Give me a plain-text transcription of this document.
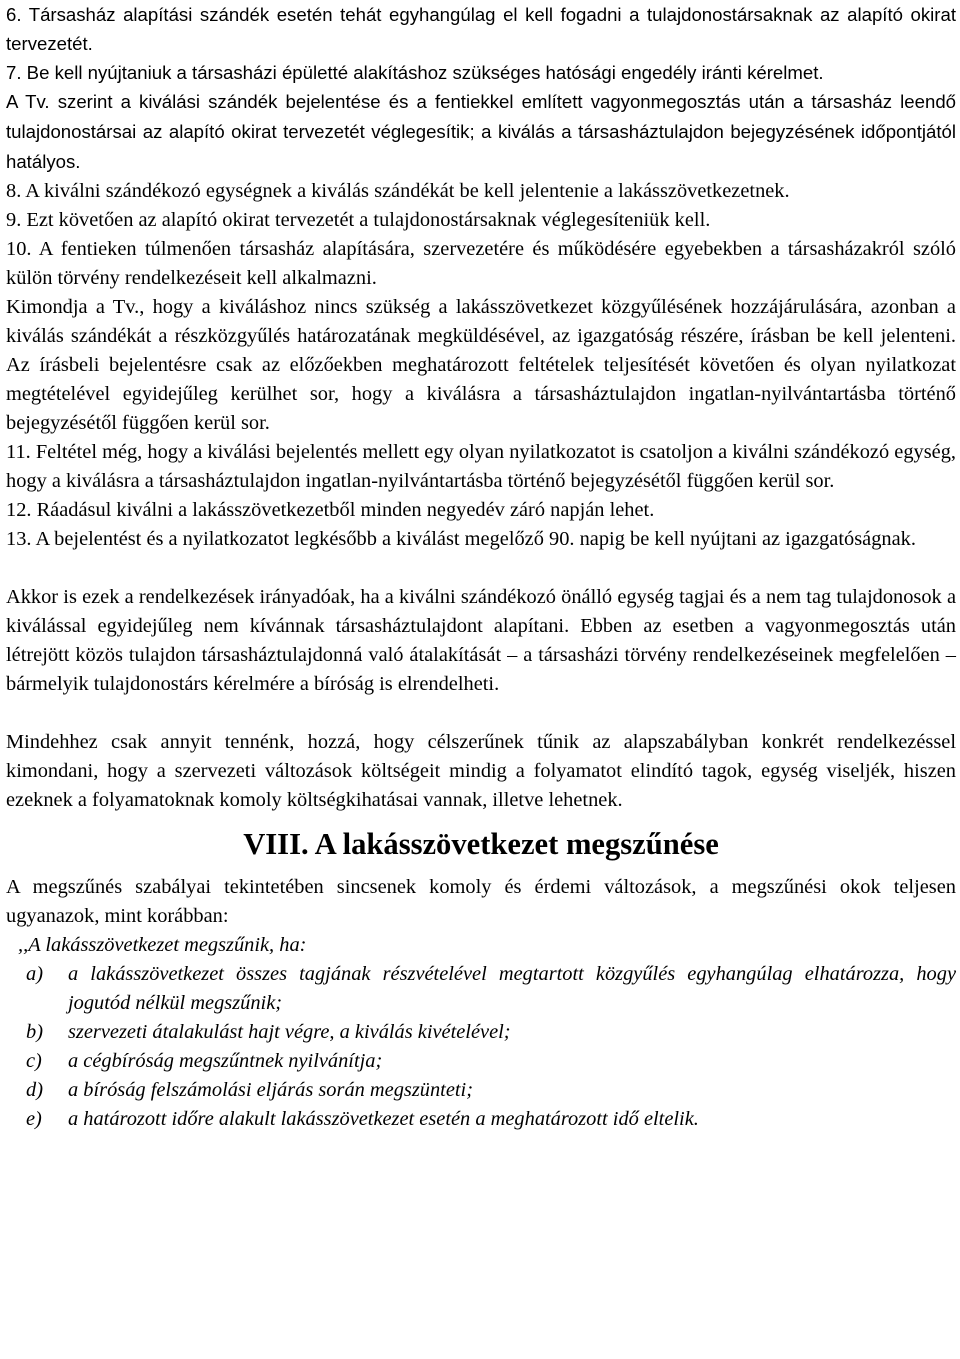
6. Társasház alapítási szándék esetén tehát egyhangúlag el kell fogadni a tulajdonostársaknak az alapító okirat tervezetét.

7. Be kell nyújtaniuk a társasházi épületté alakításhoz szükséges hatósági engedély iránti kérelmet.

A Tv. szerint a kiválási szándék bejelentése és a fentiekkel említett vagyonmegosztás után a társasház leendő tulajdonostársai az alapító okirat tervezetét véglegesítik; a kiválás a társasháztulajdon bejegyzésének időpontjától hatályos.

8. A kiválni szándékozó egységnek a kiválás szándékát be kell jelentenie a lakásszövetkezetnek.

9. Ezt követően az alapító okirat tervezetét a tulajdonostársaknak véglegesíteniük kell.

10. A fentieken túlmenően társasház alapítására, szervezetére és működésére egyebekben a társasházakról szóló külön törvény rendelkezéseit kell alkalmazni.

Kimondja a Tv., hogy a kiváláshoz nincs szükség a lakásszövetkezet közgyűlésének hozzájárulására, azonban a kiválás szándékát a részközgyűlés határozatának megküldésével, az igazgatóság részére, írásban be kell jelenteni. Az írásbeli bejelentésre csak az előzőekben meghatározott feltételek teljesítését követően és olyan nyilatkozat megtételével egyidejűleg kerülhet sor, hogy a kiválásra a társasháztulajdon ingatlan-nyilvántartásba történő bejegyzésétől függően kerül sor.

11. Feltétel még, hogy a kiválási bejelentés mellett egy olyan nyilatkozatot is csatoljon a kiválni szándékozó egység, hogy a kiválásra a társasháztulajdon ingatlan-nyilvántartásba történő bejegyzésétől függően kerül sor.

12. Ráadásul kiválni a lakásszövetkezetből minden negyedév záró napján lehet.

13. A bejelentést és a nyilatkozatot legkésőbb a kiválást megelőző 90. napig be kell nyújtani az igazgatóságnak.

Akkor is ezek a rendelkezések irányadóak, ha a kiválni szándékozó önálló egység tagjai és a nem tag tulajdonosok a kiválással egyidejűleg nem kívánnak társasháztulajdont alapítani. Ebben az esetben a vagyonmegosztás után létrejött közös tulajdon társasháztulajdonná való átalakítását – a társasházi törvény rendelkezéseinek megfelelően – bármelyik tulajdonostárs kérelmére a bíróság is elrendelheti.

Mindehhez csak annyit tennénk, hozzá, hogy célszerűnek tűnik az alapszabályban konkrét rendelkezéssel kimondani, hogy a szervezeti változások költségeit mindig a folyamatot elindító tagok, egység viseljék, hiszen ezeknek a folyamatoknak komoly költségkihatásai vannak, illetve lehetnek.

VIII. A lakásszövetkezet megszűnése

A megszűnés szabályai tekintetében sincsenek komoly és érdemi változások, a megszűnési okok teljesen ugyanazok, mint korábban:

,,A lakásszövetkezet megszűnik, ha:

a)	a lakásszövetkezet összes tagjának részvételével megtartott közgyűlés egyhangúlag elhatározza, hogy jogutód nélkül megszűnik;
b)	szervezeti átalakulást hajt végre, a kiválás kivételével;
c)	a cégbíróság megszűntnek nyilvánítja;
d)	a bíróság felszámolási eljárás során megszünteti;
e)	a határozott időre alakult lakásszövetkezet esetén a meghatározott idő eltelik.
